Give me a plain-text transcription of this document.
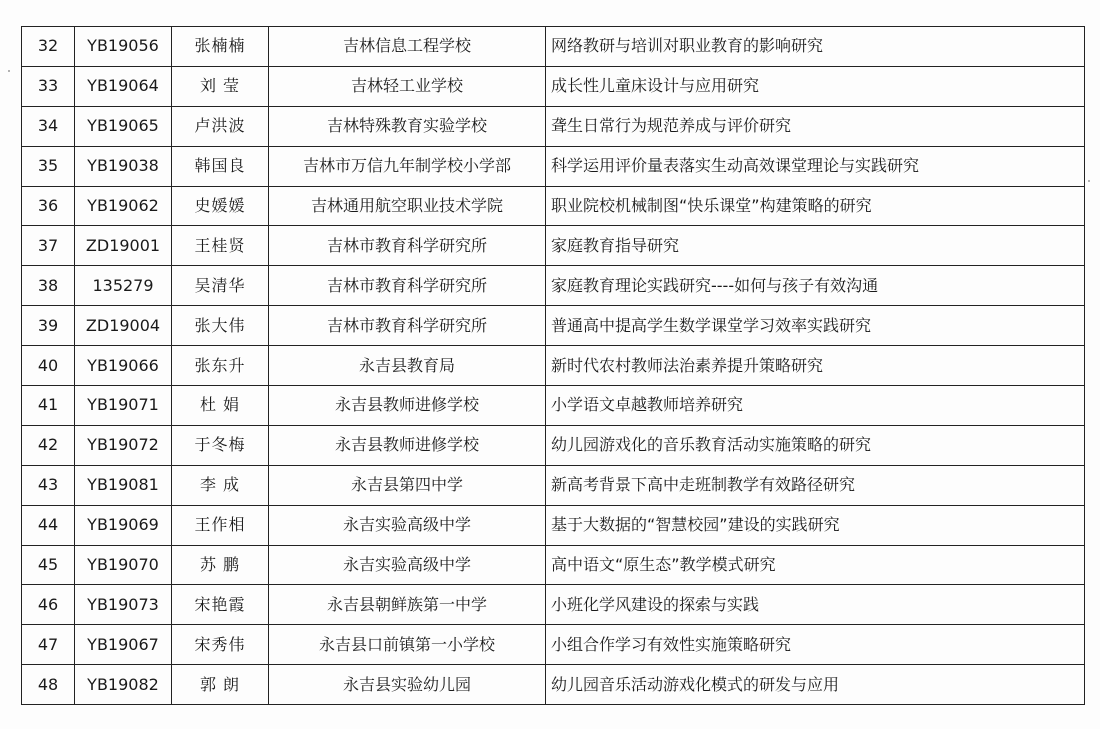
32	YB19056	张楠楠	吉林信息工程学校	网络教研与培训对职业教育的影响研究
33	YB19064	刘 莹	吉林轻工业学校	成长性儿童床设计与应用研究
34	YB19065	卢洪波	吉林特殊教育实验学校	聋生日常行为规范养成与评价研究
35	YB19038	韩国良	吉林市万信九年制学校小学部	科学运用评价量表落实生动高效课堂理论与实践研究
36	YB19062	史媛媛	吉林通用航空职业技术学院	职业院校机械制图“快乐课堂”构建策略的研究
37	ZD19001	王桂贤	吉林市教育科学研究所	家庭教育指导研究
38	135279	吴清华	吉林市教育科学研究所	家庭教育理论实践研究----如何与孩子有效沟通
39	ZD19004	张大伟	吉林市教育科学研究所	普通高中提高学生数学课堂学习效率实践研究
40	YB19066	张东升	永吉县教育局	新时代农村教师法治素养提升策略研究
41	YB19071	杜 娟	永吉县教师进修学校	小学语文卓越教师培养研究
42	YB19072	于冬梅	永吉县教师进修学校	幼儿园游戏化的音乐教育活动实施策略的研究
43	YB19081	李 成	永吉县第四中学	新高考背景下高中走班制教学有效路径研究
44	YB19069	王作相	永吉实验高级中学	基于大数据的“智慧校园”建设的实践研究
45	YB19070	苏 鹏	永吉实验高级中学	高中语文“原生态”教学模式研究
46	YB19073	宋艳霞	永吉县朝鲜族第一中学	小班化学风建设的探索与实践
47	YB19067	宋秀伟	永吉县口前镇第一小学校	小组合作学习有效性实施策略研究
48	YB19082	郭 朗	永吉县实验幼儿园	幼儿园音乐活动游戏化模式的研发与应用
